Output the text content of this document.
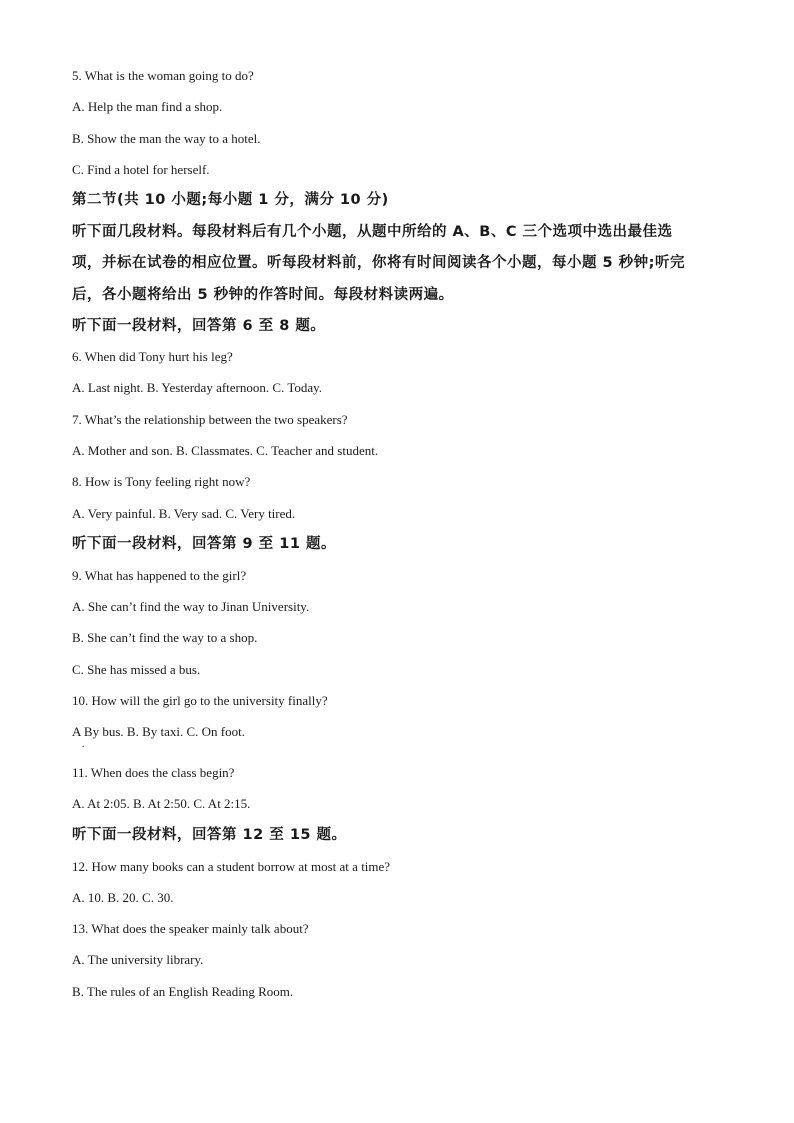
5. What is the woman going to do?
A. Help the man find a shop.
B. Show the man the way to a hotel.
C. Find a hotel for herself.
第二节(共 10 小题;每小题 1 分，满分 10 分)
听下面几段材料。每段材料后有几个小题，从题中所给的 A、B、C 三个选项中选出最佳选
项，并标在试卷的相应位置。听每段材料前，你将有时间阅读各个小题，每小题 5 秒钟;听完
后，各小题将给出 5 秒钟的作答时间。每段材料读两遍。
听下面一段材料，回答第 6 至 8 题。
6. When did Tony hurt his leg?
A. Last night. B. Yesterday afternoon. C. Today.
7. What’s the relationship between the two speakers?
A. Mother and son. B. Classmates. C. Teacher and student.
8. How is Tony feeling right now?
A. Very painful. B. Very sad. C. Very tired.
听下面一段材料，回答第 9 至 11 题。
9. What has happened to the girl?
A. She can’t find the way to Jinan University.
B. She can’t find the way to a shop.
C. She has missed a bus.
10. How will the girl go to the university finally?
A By bus. B. By taxi. C. On foot.
.
11. When does the class begin?
A. At 2:05. B. At 2:50. C. At 2:15.
听下面一段材料，回答第 12 至 15 题。
12. How many books can a student borrow at most at a time?
A. 10. B. 20. C. 30.
13. What does the speaker mainly talk about?
A. The university library.
B. The rules of an English Reading Room.
